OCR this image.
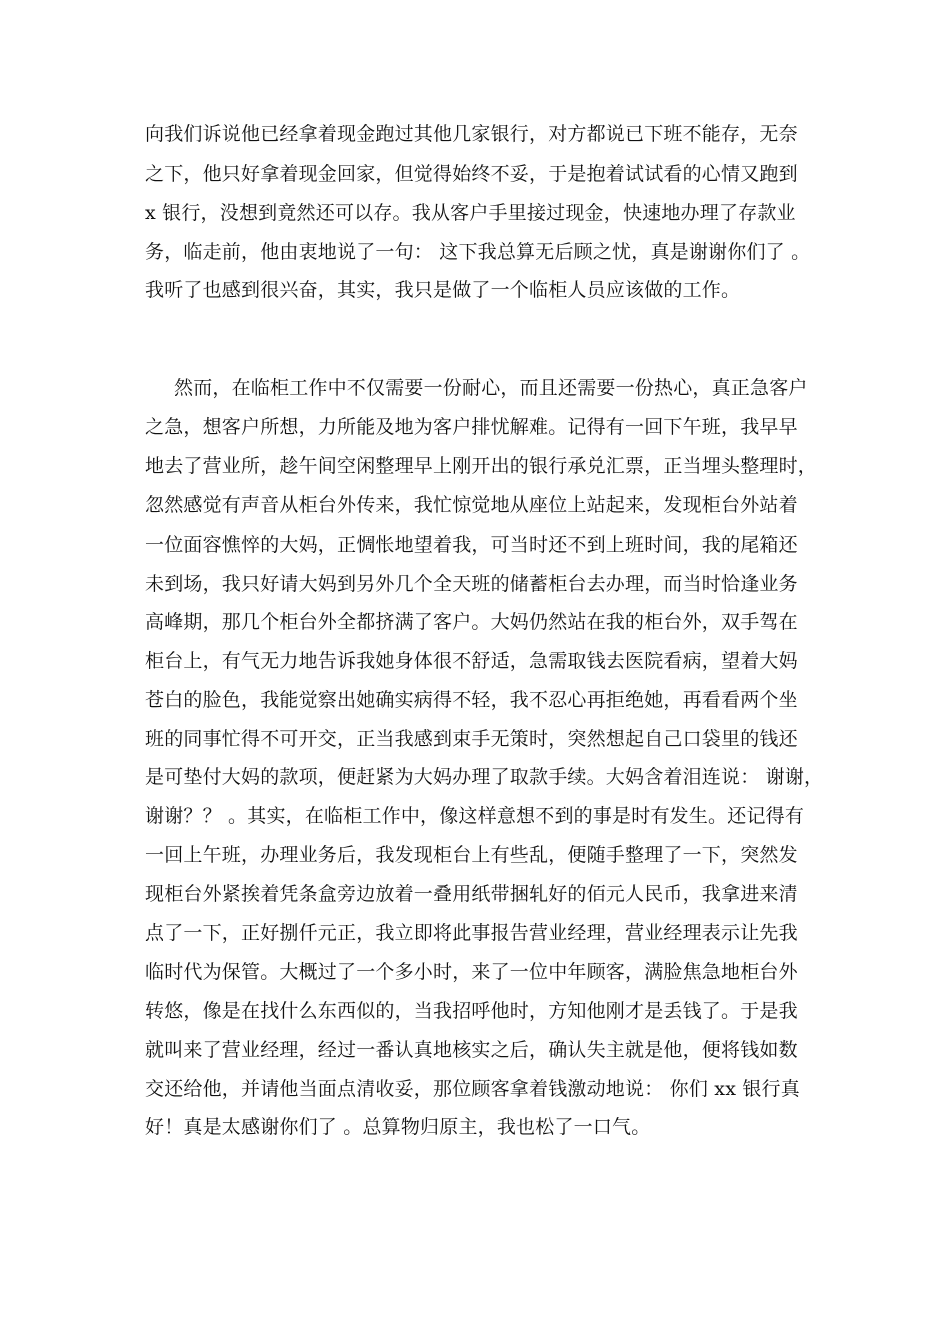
向我们诉说他已经拿着现金跑过其他几家银行，对方都说已下班不能存，无奈
之下，他只好拿着现金回家，但觉得始终不妥，于是抱着试试看的心情又跑到
x 银行，没想到竟然还可以存。我从客户手里接过现金，快速地办理了存款业
务，临走前，他由衷地说了一句： 这下我总算无后顾之忧，真是谢谢你们了 。
我听了也感到很兴奋，其实，我只是做了一个临柜人员应该做的工作。
然而，在临柜工作中不仅需要一份耐心，而且还需要一份热心，真正急客户
之急，想客户所想，力所能及地为客户排忧解难。记得有一回下午班，我早早
地去了营业所，趁午间空闲整理早上刚开出的银行承兑汇票，正当埋头整理时，
忽然感觉有声音从柜台外传来，我忙惊觉地从座位上站起来，发现柜台外站着
一位面容憔悴的大妈，正惆怅地望着我，可当时还不到上班时间，我的尾箱还
未到场，我只好请大妈到另外几个全天班的储蓄柜台去办理，而当时恰逢业务
高峰期，那几个柜台外全都挤满了客户。大妈仍然站在我的柜台外，双手驾在
柜台上，有气无力地告诉我她身体很不舒适，急需取钱去医院看病，望着大妈
苍白的脸色，我能觉察出她确实病得不轻，我不忍心再拒绝她，再看看两个坐
班的同事忙得不可开交，正当我感到束手无策时，突然想起自己口袋里的钱还
是可垫付大妈的款项，便赶紧为大妈办理了取款手续。大妈含着泪连说： 谢谢，
谢谢？？ 。其实，在临柜工作中，像这样意想不到的事是时有发生。还记得有
一回上午班，办理业务后，我发现柜台上有些乱，便随手整理了一下，突然发
现柜台外紧挨着凭条盒旁边放着一叠用纸带捆轧好的佰元人民币，我拿进来清
点了一下，正好捌仟元正，我立即将此事报告营业经理，营业经理表示让先我
临时代为保管。大概过了一个多小时，来了一位中年顾客，满脸焦急地柜台外
转悠，像是在找什么东西似的，当我招呼他时，方知他刚才是丢钱了。于是我
就叫来了营业经理，经过一番认真地核实之后，确认失主就是他，便将钱如数
交还给他，并请他当面点清收妥，那位顾客拿着钱激动地说： 你们 xx 银行真
好！真是太感谢你们了 。总算物归原主，我也松了一口气。
